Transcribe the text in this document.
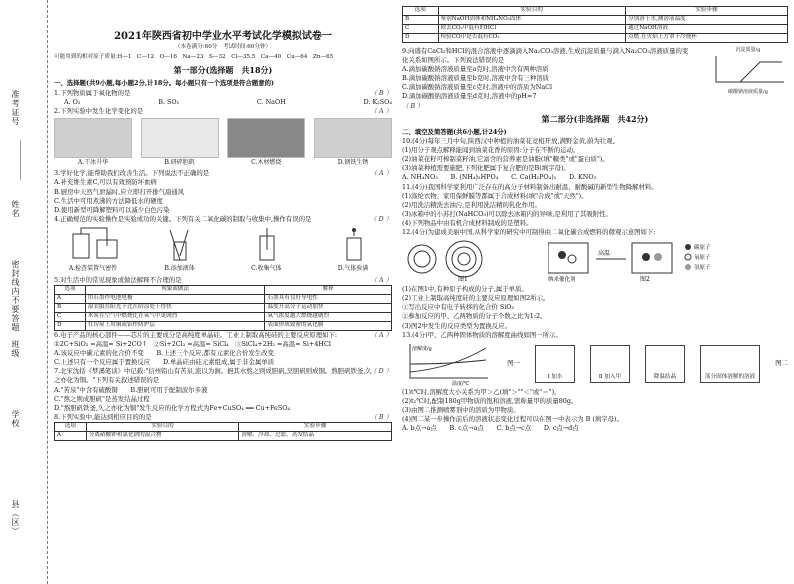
准考证号
姓名
密封线内不要答题
班级
学校
县（区）
2021年陕西省初中学业水平考试化学模拟试卷一
（本卷满分:60分　考试时间:60分钟）
可能用到的相对原子质量:H—1　C—12　O—16　Na—23　S—32　Cl—35.5　Ca—40　Cu—64　Zn—65
第一部分(选择题　共18分)
一、选择题(共9小题,每小题2分,计18分。每小题只有一个选项是符合题意的)
1.下列物质属于氧化物的是	（ B ）
A. O₂	B. SO₂	C. NaOH	D. K₂SO₄
2.下列实验中发生化学变化的是	（ A ）
A.干冰升华	B.研碎胆矾	C.木材燃烧	D.钢铁生锈
3.学好化学,能帮助我们改善生活。下列说法不正确的是
A.补充维生素C,可以有效预防坏血病
B.厨房中天然气泄漏时,应立即打开排气扇通风
C.生活中可用煮沸的方法降低水的硬度
D.使用新型可降解塑料可以减少白色污染
（ A ）
4.正确规范的实验操作是实验成功的关键。下列有关二氧化碳的制取与收集中,操作有误的是	（ D ）
A.检查装置气密性	B.添加液体	C.收集气体	D.气体验满
5.对生活中的常见现象或做法解释不合理的是	（ A ）
选项	现象或做法	解释
A	用石墨作电池电极	石墨具有良好导电性
B	湿衣服在阳光下比在阴凉处干得快	温度升高分子运动加快
C	木炭在空气中燃烧比在氧气中更剧烈	氧气浓度越大燃烧越剧烈
D	在房屋上用铜或铝作防护层	表面形成致密的氧化膜
6.电子产品的核心部件——芯片的主要成分是高纯度单晶硅。工业上制取高纯硅的主要反应原理如下:
①2C+SiO₂ =高温= Si+2CO↑　②Si+2Cl₂ =高温= SiCl₄　③SiCl₄+2H₂ =高温= Si+4HCl
A.该反应中碳元素的化合价不变　　B.上述三个反应,都有元素化合价发生改变
C.上述只有一个反应属于置换反应　　D.单晶硅由硅元素组成,属于非金属单质
（ A ）
7.北宋沈括《梦溪笔谈》中记载:"信州铅山有苦泉,流以为涧。挹其水熬之则成胆矾,烹胆矾则成铜。熬胆矾铁釜,久之亦化为铜。"下列有关叙述错误的是
A."苦泉"中含有硫酸铜　　B.胆矾可用于配制波尔多液
C."熬之则成胆矾"是蒸发结晶过程
D."熬胆矾铁釜,久之亦化为铜"发生反应的化学方程式为Fe+CuSO₄ ══ Cu+FeSO₄
（ D ）
8.下列实验中,能达到相应目的的是	（ B ）
选项	实验目的	实验步骤
A	分离硝酸钾和氯化钠的混合物	溶解、冷却、过滤、蒸发结晶
选项	实验目的	实验步骤
B	鉴别NaOH固体和NH₄NO₃固体	分别溶于水,测溶液温度
C	除去CO₂中混有的HCl	通过NaOH溶液
D	检验CO中是否混有CO₂	点燃,在火焰上方罩干冷烧杯
9.向盛有CaCl₂和HCl的混合溶液中逐滴滴入Na₂CO₃溶液,生成沉淀质量与滴入Na₂CO₃溶液质量的变化关系如图所示。下列说法错误的是
A.滴加碳酸钠溶液质量至a克时,溶液中含有两种溶质
B.滴加碳酸钠溶液质量至b克时,溶液中含有三种溶质
C.滴加碳酸钠溶液质量至c克时,溶液中的溶质为NaCl
D.滴加碳酸钠溶液质量至d克时,溶液中的pH=7
（ B ）
沉淀质量/g  碳酸钠溶液质量/g
第二部分(非选择题　共42分)
二、填空及简答题(共6小题,计24分)
10.(4分)每年三月中旬,陕西汉中种植的油菜花竞相开放,满野金黄,蔚为壮观。
(1)用分子观点解释能闻到油菜花香的原因:分子在不断的运动。
(2)油菜花籽可榨制菜籽油,它富含的营养素是油脂(填"糖类"或"蛋白质")。
(3)油菜种植需要施肥,下列化肥属于复合肥的是B(填字母)。
A. NH₄NO₃　　B. (NH₄)₂HPO₄　　C. Ca(H₂PO₄)₂　　D. KNO₃
11.(4分)我国科学家利用广泛存在的高分子材料制备出耐温、耐酸碱的新型生物降解材料。
(1)涤纶衣物、家用保鲜膜等都属于合成材料(填"合成"或"天然")。
(2)用洗洁精洗去油污,是利用洗洁精的乳化作用。
(3)冰箱中的小苏打(NaHCO₃)可以除去冰箱内的异味,是利用了其吸附性。
(4)下列物品中由有机合成材料制成的是塑料。
12.(4分)为建成美丽中国,从科学家的研究中可制得由二氧化碳合成燃料的微观示意图如下:
图1
高温
图2
碳原子
氧原子
氢原子
纳米催化剂
(1)在图1中,有种原子构成的分子,属于单质。
(2)工业上制取高纯度硅的主要反应原理如图2所示。
①写出反应中有电子转移的化合价 SiO₂
②参加反应的甲、乙两物质的分子个数之比为1:2。
(3)图2中发生的反应类型为置换反应。
13.(4分)甲、乙两种固体物质的溶解度曲线如图一所示。
溶解度/g
温度/℃
图一
Ⅰ 加水	Ⅱ 加入甲	降温结晶	部分固体溶解的溶液
图二
(1)t℃时,溶解度大小关系为甲＞乙(填"＞""＜"或"＝")。
(2)t₂℃时,配制180g甲物质的饱和溶液,需称量甲的质量80g。
(3)由图二推测喷雾剂中的溶质为甲物质。
(4)图二某一步操作前后的溶液状态变化过程可以在图一中表示为 B (填字母)。
A. b点→a点　　B. c点→a点　　C. b点→c点　　D. c点→d点
